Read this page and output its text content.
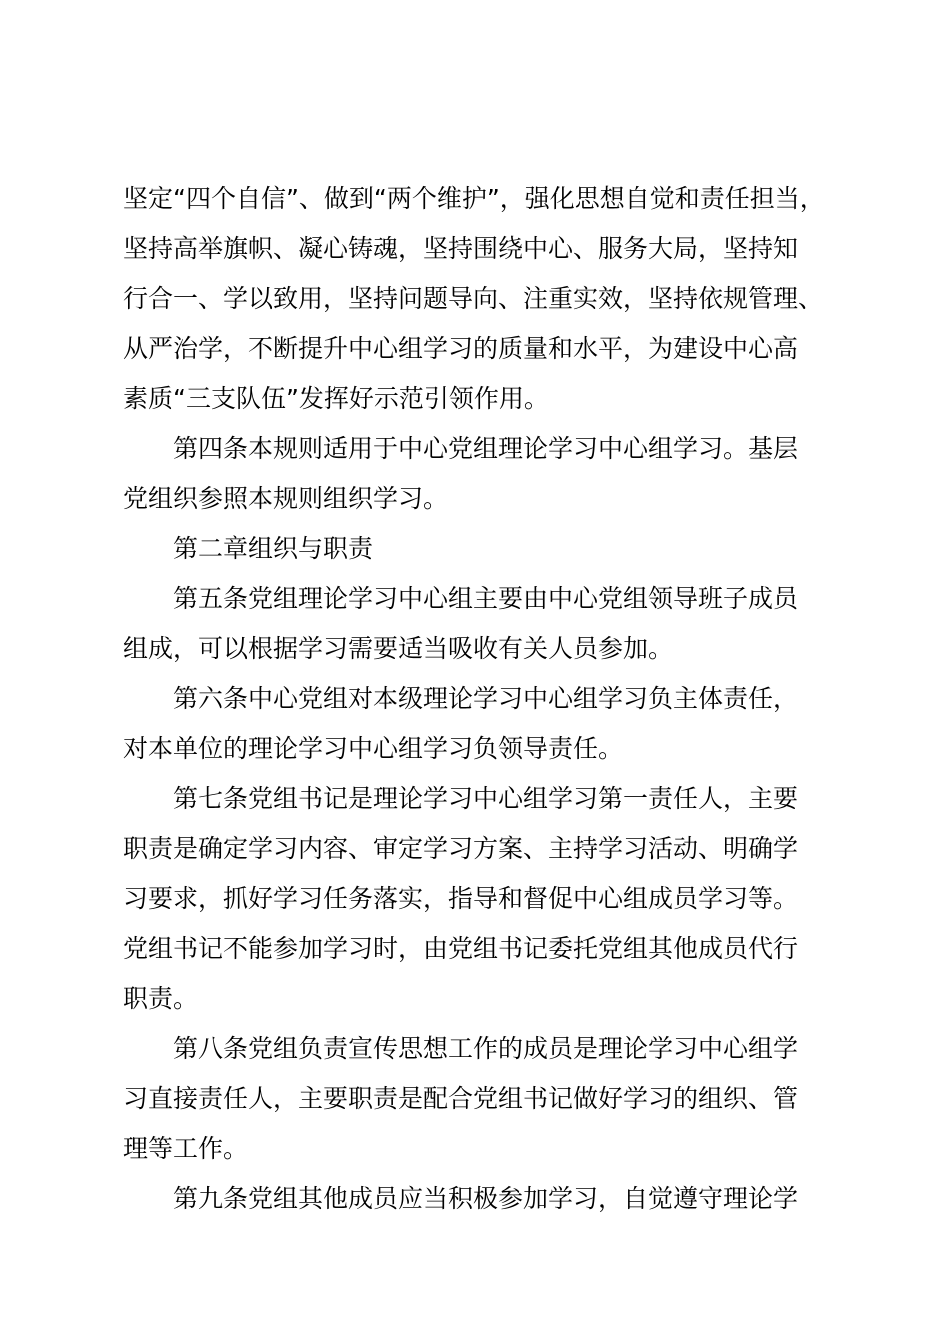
坚定“四个自信”、做到“两个维护”，强化思想自觉和责任担当，
坚持高举旗帜、凝心铸魂，坚持围绕中心、服务大局，坚持知
行合一、学以致用，坚持问题导向、注重实效，坚持依规管理、
从严治学，不断提升中心组学习的质量和水平，为建设中心高
素质“三支队伍”发挥好示范引领作用。
第四条本规则适用于中心党组理论学习中心组学习。基层
党组织参照本规则组织学习。
第二章组织与职责
第五条党组理论学习中心组主要由中心党组领导班子成员
组成，可以根据学习需要适当吸收有关人员参加。
第六条中心党组对本级理论学习中心组学习负主体责任，
对本单位的理论学习中心组学习负领导责任。
第七条党组书记是理论学习中心组学习第一责任人，主要
职责是确定学习内容、审定学习方案、主持学习活动、明确学
习要求，抓好学习任务落实，指导和督促中心组成员学习等。
党组书记不能参加学习时，由党组书记委托党组其他成员代行
职责。
第八条党组负责宣传思想工作的成员是理论学习中心组学
习直接责任人，主要职责是配合党组书记做好学习的组织、管
理等工作。
第九条党组其他成员应当积极参加学习，自觉遵守理论学
